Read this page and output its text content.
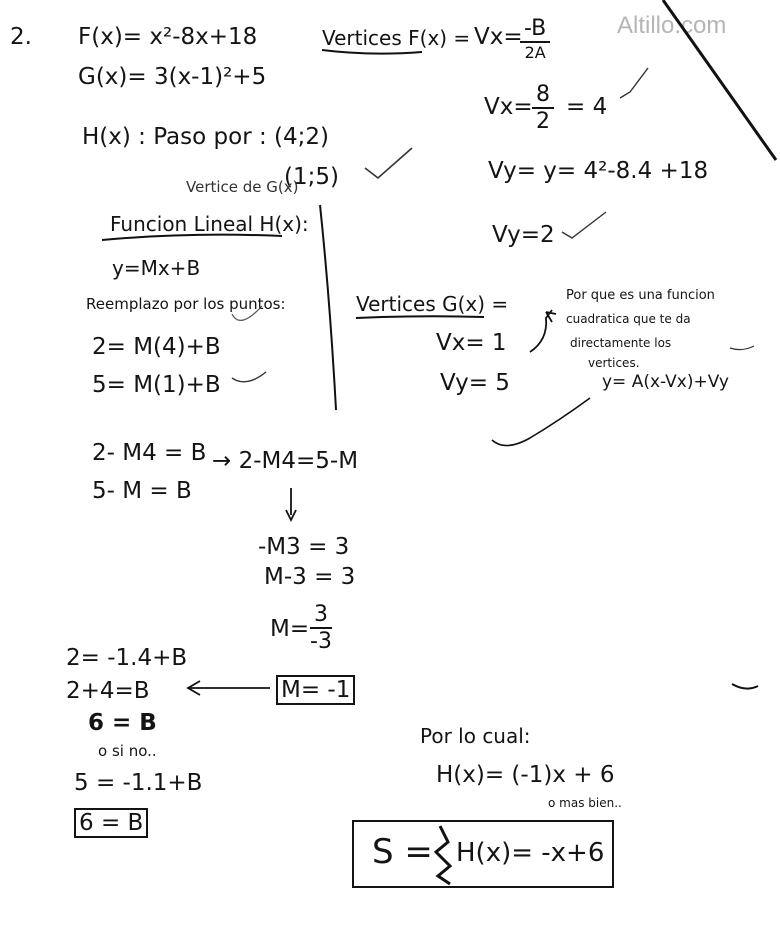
Altillo.com
2. F(x)= x²-8x+18
G(x)= 3(x-1)²+5
H(x) : Paso por : (4;2)
(1;5)
Vertice de G(x)
Funcion Lineal H(x):
y=Mx+B
Reemplazo por los puntos:
2= M(4)+B
5= M(1)+B
2- M4 = B
5- M = B
→ 2-M4=5-M
-M3 = 3
M-3 = 3
$M= \frac{3}{-3}$
M= -1
2= -1.4+B
2+4=B
6 = B
o si no..
5 = -1.1+B
6 = B
Vertices F(x) = Vx= -B
2A
$Vx= \frac{8}{2} = 4$
Vy= y= 4²-8.4 +18
Vy=2
Vertices G(x) =
Vx= 1
Vy= 5
Por que es una funcion
cuadratica que te da
directamente los
vertices.
y= A(x-Vx)+Vy
Por lo cual:
H(x)= (-1)x + 6
o mas bien..
S = H(x)= -x+6
